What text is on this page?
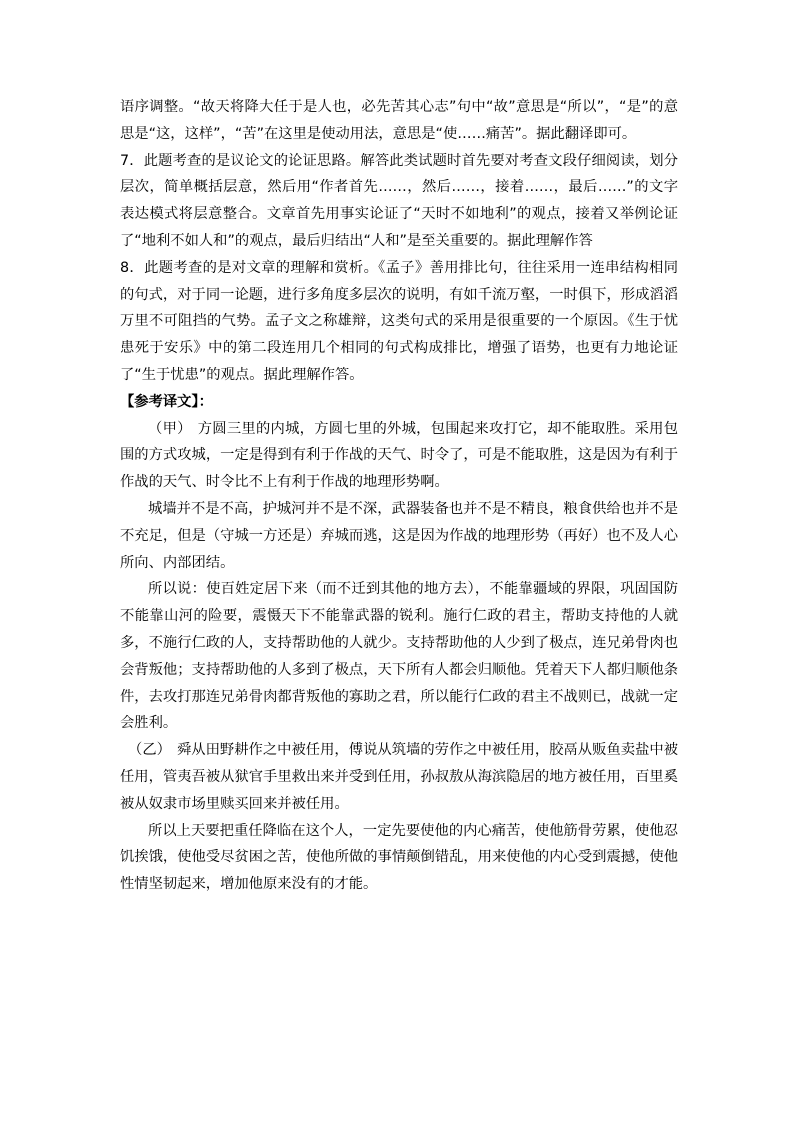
语序调整。“故天将降大任于是人也，必先苦其心志”句中“故”意思是“所以”，“是”的意思是“这，这样”，“苦”在这里是使动用法，意思是“使……痛苦”。据此翻译即可。

7．此题考查的是议论文的论证思路。解答此类试题时首先要对考查文段仔细阅读，划分层次，简单概括层意，然后用“作者首先……，然后……，接着……，最后……”的文字表达模式将层意整合。文章首先用事实论证了“天时不如地利”的观点，接着又举例论证了“地利不如人和”的观点，最后归结出“人和”是至关重要的。据此理解作答

8．此题考查的是对文章的理解和赏析。《孟子》善用排比句，往往采用一连串结构相同的句式，对于同一论题，进行多角度多层次的说明，有如千流万壑，一时俱下，形成滔滔万里不可阻挡的气势。孟子文之称雄辩，这类句式的采用是很重要的一个原因。《生于忧患死于安乐》中的第二段连用几个相同的句式构成排比，增强了语势，也更有力地论证了“生于忧患”的观点。据此理解作答。

【参考译文】：

（甲） 方圆三里的内城，方圆七里的外城，包围起来攻打它，却不能取胜。采用包围的方式攻城，一定是得到有利于作战的天气、时令了，可是不能取胜，这是因为有利于作战的天气、时令比不上有利于作战的地理形势啊。

城墙并不是不高，护城河并不是不深，武器装备也并不是不精良，粮食供给也并不是不充足，但是（守城一方还是）弃城而逃，这是因为作战的地理形势（再好）也不及人心所向、内部团结。

所以说：使百姓定居下来（而不迁到其他的地方去），不能靠疆域的界限，巩固国防不能靠山河的险要，震慑天下不能靠武器的锐利。施行仁政的君主，帮助支持他的人就多，不施行仁政的人，支持帮助他的人就少。支持帮助他的人少到了极点，连兄弟骨肉也会背叛他；支持帮助他的人多到了极点，天下所有人都会归顺他。凭着天下人都归顺他条件，去攻打那连兄弟骨肉都背叛他的寡助之君，所以能行仁政的君主不战则已，战就一定会胜利。

（乙） 舜从田野耕作之中被任用，傅说从筑墙的劳作之中被任用，胶鬲从贩鱼卖盐中被任用，管夷吾被从狱官手里救出来并受到任用，孙叔敖从海滨隐居的地方被任用，百里奚被从奴隶市场里赎买回来并被任用。

所以上天要把重任降临在这个人，一定先要使他的内心痛苦，使他筋骨劳累，使他忍饥挨饿，使他受尽贫困之苦，使他所做的事情颠倒错乱，用来使他的内心受到震撼，使他性情坚韧起来，增加他原来没有的才能。
